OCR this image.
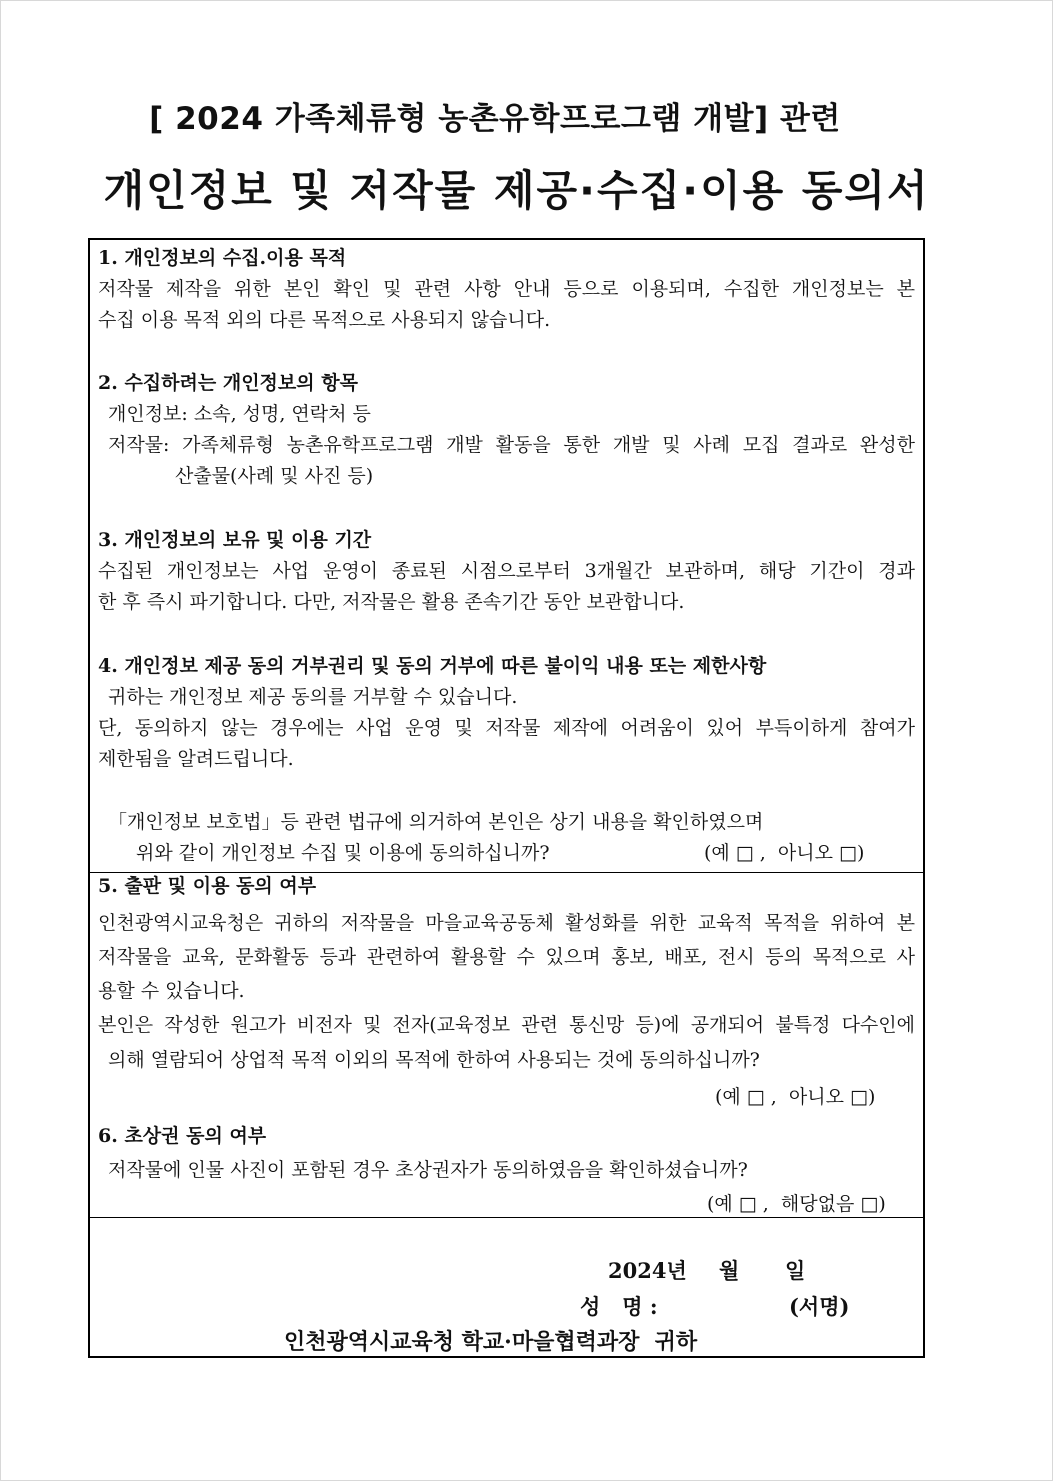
[ 2024 가족체류형 농촌유학프로그램 개발] 관련
개인정보 및 저작물 제공·수집·이용 동의서
1. 개인정보의 수집.이용 목적
저작물 제작을 위한 본인 확인 및 관련 사항 안내 등으로 이용되며, 수집한 개인정보는 본
수집 이용 목적 외의 다른 목적으로 사용되지 않습니다.
2. 수집하려는 개인정보의 항목
개인정보: 소속, 성명, 연락처 등
저작물: 가족체류형 농촌유학프로그램 개발 활동을 통한 개발 및 사례 모집 결과로 완성한
산출물(사례 및 사진 등)
3. 개인정보의 보유 및 이용 기간
수집된 개인정보는 사업 운영이 종료된 시점으로부터 3개월간 보관하며, 해당 기간이 경과
한 후 즉시 파기합니다. 다만, 저작물은 활용 존속기간 동안 보관합니다.
4. 개인정보 제공 동의 거부권리 및 동의 거부에 따른 불이익 내용 또는 제한사항
귀하는 개인정보 제공 동의를 거부할 수 있습니다.
단, 동의하지 않는 경우에는 사업 운영 및 저작물 제작에 어려움이 있어 부득이하게 참여가
제한됨을 알려드립니다.
「개인정보 보호법」등 관련 법규에 의거하여 본인은 상기 내용을 확인하였으며
위와 같이 개인정보 수집 및 이용에 동의하십니까?	(예 □ ,  아니오 □)
5. 출판 및 이용 동의 여부
인천광역시교육청은 귀하의 저작물을 마을교육공동체 활성화를 위한 교육적 목적을 위하여 본
저작물을 교육, 문화활동 등과 관련하여 활용할 수 있으며 홍보, 배포, 전시 등의 목적으로 사
용할 수 있습니다.
본인은 작성한 원고가 비전자 및 전자(교육정보 관련 통신망 등)에 공개되어 불특정 다수인에
의해 열람되어 상업적 목적 이외의 목적에 한하여 사용되는 것에 동의하십니까?
(예 □ ,  아니오 □)
6. 초상권 동의 여부
저작물에 인물 사진이 포함된 경우 초상권자가 동의하였음을 확인하셨습니까?
(예 □ ,  해당없음 □)
2024년 월 일
성   명 :	(서명)
인천광역시교육청 학교·마을협력과장  귀하
